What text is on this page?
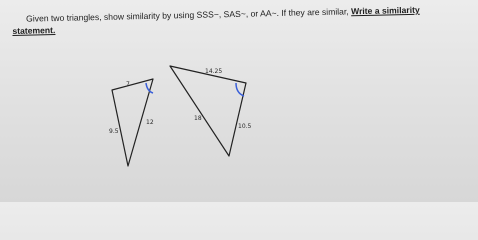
Given two triangles, show similarity by using SSS~, SAS~, or AA~. If they are similar, Write a similarity
statement.

7
12
9.5
14.25
18
10.5
